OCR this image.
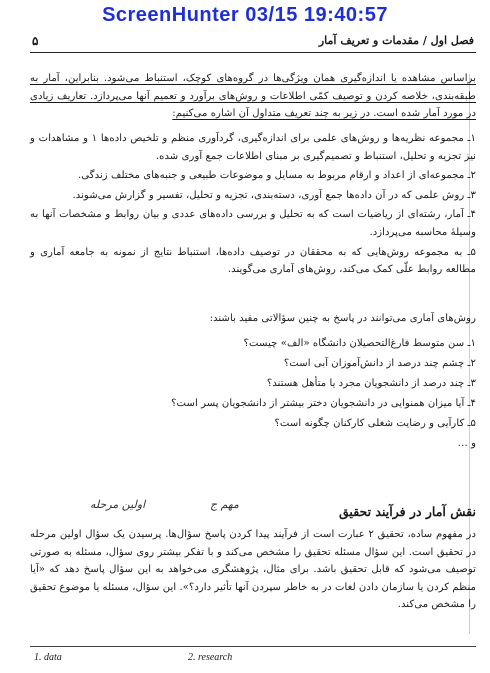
ScreenHunter 03/15 19:40:57
۵	فصل اول / مقدمات و تعریف آمار
براساس مشاهده یا اندازه‌گیری همان ویژگی‌ها در گروه‌های کوچک، استنباط می‌شود. بنابراین، آمار به طبقه‌بندی، خلاصه کردن و توصیف کمّی اطلاعات و روش‌های برآورد و تعمیم آنها می‌پردازد. تعاریف زیادی در مورد آمار شده است. در زیر به چند تعریف متداول آن اشاره می‌کنیم:
۱ـ مجموعه نظریه‌ها و روش‌های علمی برای اندازه‌گیری، گردآوری منظم و تلخیص داده‌ها ۱ و مشاهدات و نیز تجزیه و تحلیل، استنباط و تصمیم‌گیری بر مبنای اطلاعات جمع آوری شده.
۲ـ مجموعه‌ای از اعداد و ارقام مربوط به مسایل و موضوعات طبیعی و جنبه‌های مختلف زندگی.
۳ـ روش علمی که در آن داده‌ها جمع آوری، دسته‌بندی، تجزیه و تحلیل، تفسیر و گزارش می‌شوند.
۴ـ آمار، رشته‌ای از ریاضیات است که به تحلیل و بررسی داده‌های عددی و بیان روابط و مشخصات آنها به وسیلهٔ محاسبه می‌پردازد.
۵ـ به مجموعه روش‌هایی که به محققان در توصیف داده‌ها، استنباط نتایج از نمونه به جامعه آماری و مطالعه روابط علّی کمک می‌کند، روش‌های آماری می‌گویند.
روش‌های آماری می‌توانند در پاسخ به چنین سؤالاتی مفید باشند:
۱ـ سن متوسط فارغ‌التحصیلان دانشگاه «الف» چیست؟
۲ـ چشم چند درصد از دانش‌آموزان آبی است؟
۳ـ چند درصد از دانشجویان مجرد یا متأهل هستند؟
۴ـ آیا میزان همنوایی در دانشجویان دختر بیشتر از دانشجویان پسر است؟
۵ـ کارآیی و رضایت شغلی کارکنان چگونه است؟
و …
نقش آمار در فرآیند تحقیق
مهم ج
اولین مرحله
در مفهوم ساده، تحقیق ۲ عبارت است از فرآیند پیدا کردن پاسخ سؤال‌ها. پرسیدن یک سؤال اولین مرحله در تحقیق است. این سؤال مسئله تحقیق را مشخص می‌کند و با تفکر بیشتر روی سؤال، مسئله به صورتی توصیف می‌شود که قابل تحقیق باشد. برای مثال، پژوهشگری می‌خواهد به این سؤال پاسخ دهد که «آیا منظم کردن یا سازمان دادن لغات در به خاطر سپردن آنها تأثیر دارد؟». این سؤال، مسئله یا موضوع تحقیق را مشخص می‌کند.
1. data	2. research
